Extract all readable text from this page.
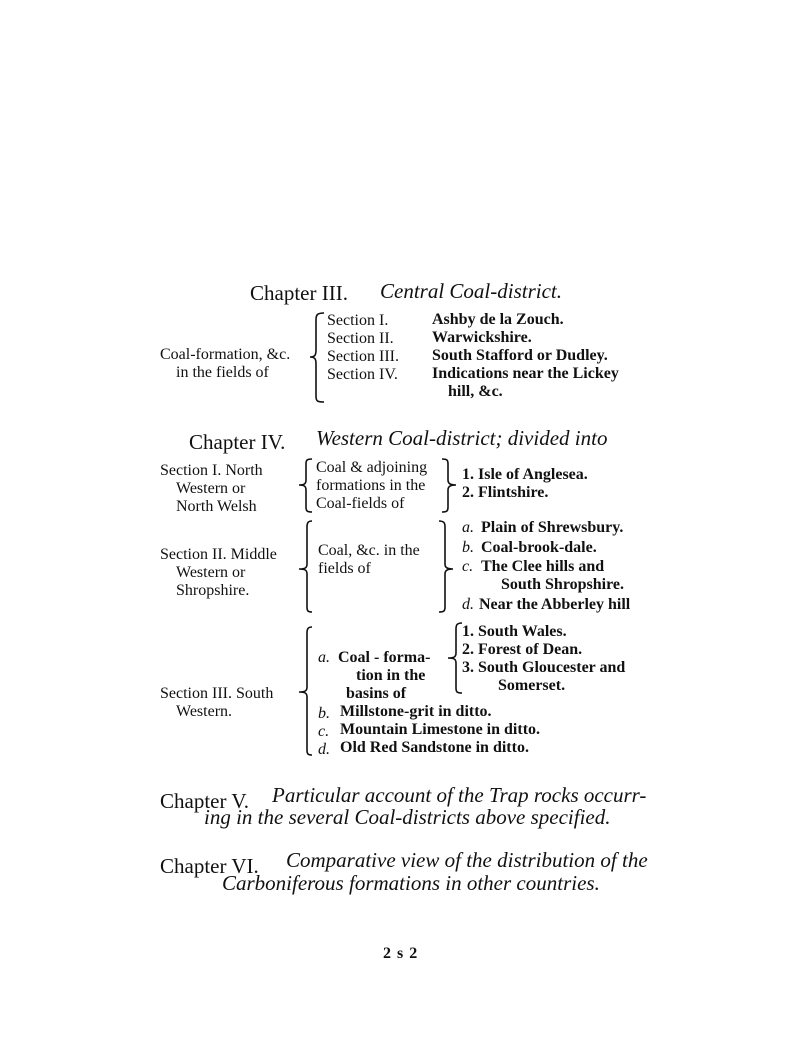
Chapter III. Central Coal-district.
Coal-formation, &c.
in the fields of
Section I.
Section II.
Section III.
Section IV.
Ashby de la Zouch.
Warwickshire.
South Stafford or Dudley.
Indications near the Lickey
hill, &c.
Chapter IV. Western Coal-district; divided into
Section I. North
Western or
North Welsh
Coal & adjoining
formations in the
Coal-fields of
1. Isle of Anglesea.
2. Flintshire.
Section II. Middle
Western or
Shropshire.
Coal, &c. in the
fields of
a. Plain of Shrewsbury.
b. Coal-brook-dale.
c. The Clee hills and
South Shropshire.
d. Near the Abberley hill
Section III. South
Western.
a. Coal - forma-
tion in the
basins of
1. South Wales.
2. Forest of Dean.
3. South Gloucester and
Somerset.
b. Millstone-grit in ditto.
c. Mountain Limestone in ditto.
d. Old Red Sandstone in ditto.
Chapter V. Particular account of the Trap rocks occurr-
ing in the several Coal-districts above specified.
Chapter VI. Comparative view of the distribution of the
Carboniferous formations in other countries.
2 s 2
